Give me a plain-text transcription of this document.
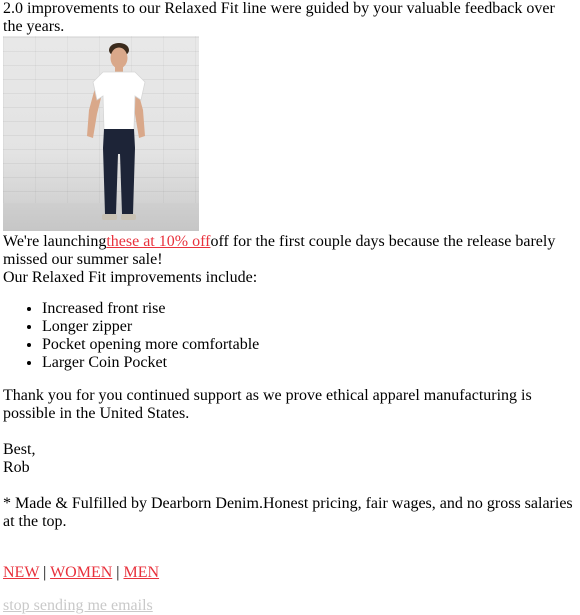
2.0 improvements to our Relaxed Fit line were guided by your valuable feedback over the years.

We're launchingthese at 10% offoff for the first couple days because the release barely missed our summer sale!

Our Relaxed Fit improvements include:

• Increased front rise
• Longer zipper
• Pocket opening more comfortable
• Larger Coin Pocket

Thank you for you continued support as we prove ethical apparel manufacturing is possible in the United States.

Best,
Rob

* Made & Fulfilled by Dearborn Denim.Honest pricing, fair wages, and no gross salaries at the top.

NEW | WOMEN | MEN

stop sending me emails
